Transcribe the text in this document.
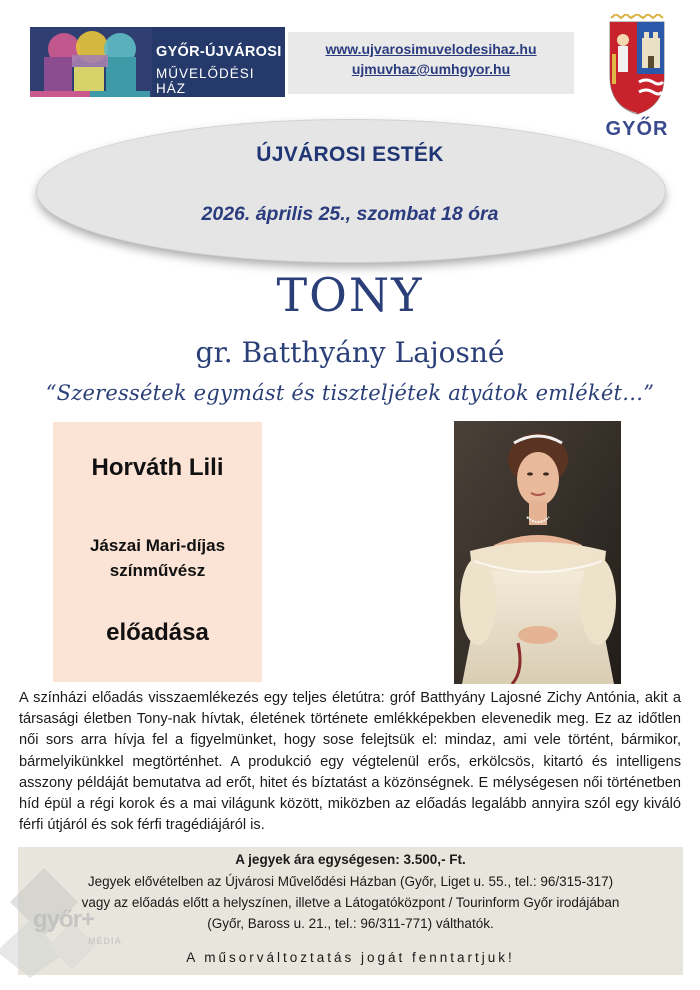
GYŐR-ÚJVÁROSI
MŰVELŐDÉSI HÁZ
www.ujvarosimuvelodesihaz.hu
ujmuvhaz@umhgyor.hu
GYŐR
ÚJVÁROSI ESTÉK
2026. április 25., szombat 18 óra
TONY
gr. Batthyány Lajosné
“Szeressétek egymást és tiszteljétek atyátok emlékét…”
Horváth Lili
Jászai Mari-díjas
színművész
előadása
A színházi előadás visszaemlékezés egy teljes életútra: gróf Batthyány Lajosné Zichy Antónia, akit a társasági életben Tony-nak hívtak, életének története emlékképekben elevenedik meg. Ez az időtlen női sors arra hívja fel a figyelmünket, hogy sose felejtsük el: mindaz, ami vele történt, bármikor, bármelyikünkkel megtörténhet. A produkció egy végtelenül erős, erkölcsös, kitartó és intelligens asszony példáját bemutatva ad erőt, hitet és bíztatást a közönségnek. E mélységesen női történetben híd épül a régi korok és a mai világunk között, miközben az előadás legalább annyira szól egy kiváló férfi útjáról és sok férfi tragédiájáról is.
A jegyek ára egységesen: 3.500,- Ft.
Jegyek elővételben az Újvárosi Művelődési Házban (Győr, Liget u. 55., tel.: 96/315-317)
vagy az előadás előtt a helyszínen, illetve a Látogatóközpont / Tourinform Győr irodájában
(Győr, Baross u. 21., tel.: 96/311-771) válthatók.
A műsorváltoztatás jogát fenntartjuk!
győr+
MÉDIA
